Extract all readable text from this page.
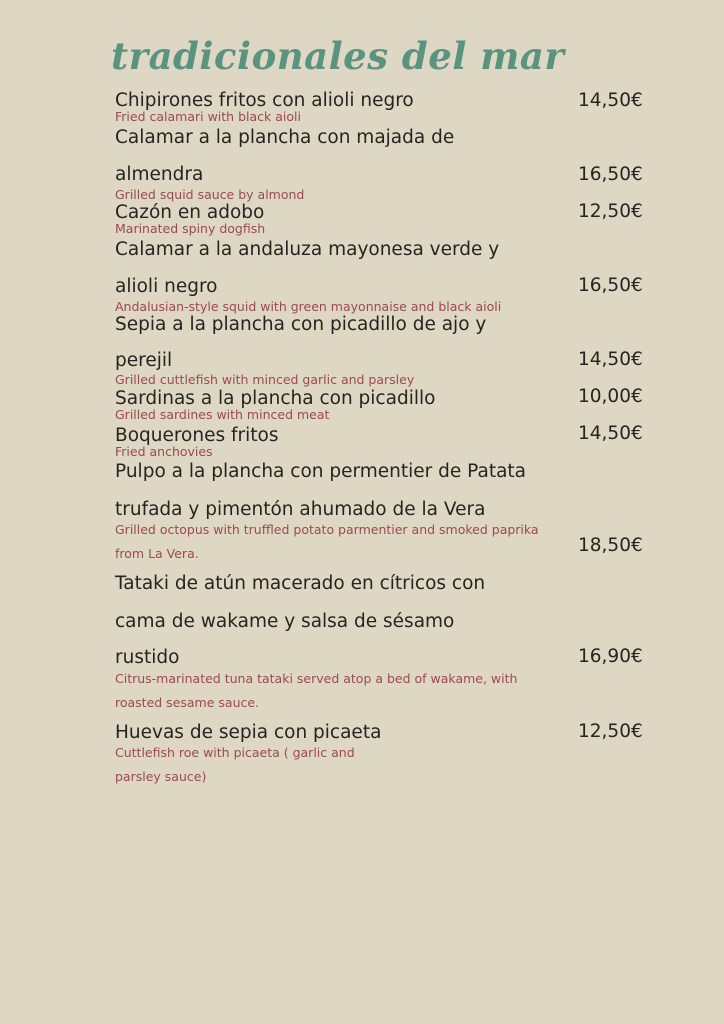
tradicionales del mar
Chipirones fritos con alioli negro	14,50€
Fried calamari with black aioli
Calamar a la plancha con majada de
almendra	16,50€
Grilled squid sauce by almond
Cazón en adobo	12,50€
Marinated spiny dogfish
Calamar a la andaluza mayonesa verde y
alioli negro	16,50€
Andalusian-style squid with green mayonnaise and black aioli
Sepia a la plancha con picadillo de ajo y
perejil	14,50€
Grilled cuttlefish with minced garlic and parsley
Sardinas a la plancha con picadillo	10,00€
Grilled sardines with minced meat
Boquerones fritos	14,50€
Fried anchovies
Pulpo a la plancha con permentier de Patata
trufada y pimentón ahumado de la Vera
Grilled octopus with truffled potato parmentier and smoked paprika
from La Vera.	18,50€
Tataki de atún macerado en cítricos con
cama de wakame y salsa de sésamo
rustido	16,90€
Citrus-marinated tuna tataki served atop a bed of wakame, with
roasted sesame sauce.
Huevas de sepia con picaeta	12,50€
Cuttlefish roe with picaeta ( garlic and
parsley sauce)
